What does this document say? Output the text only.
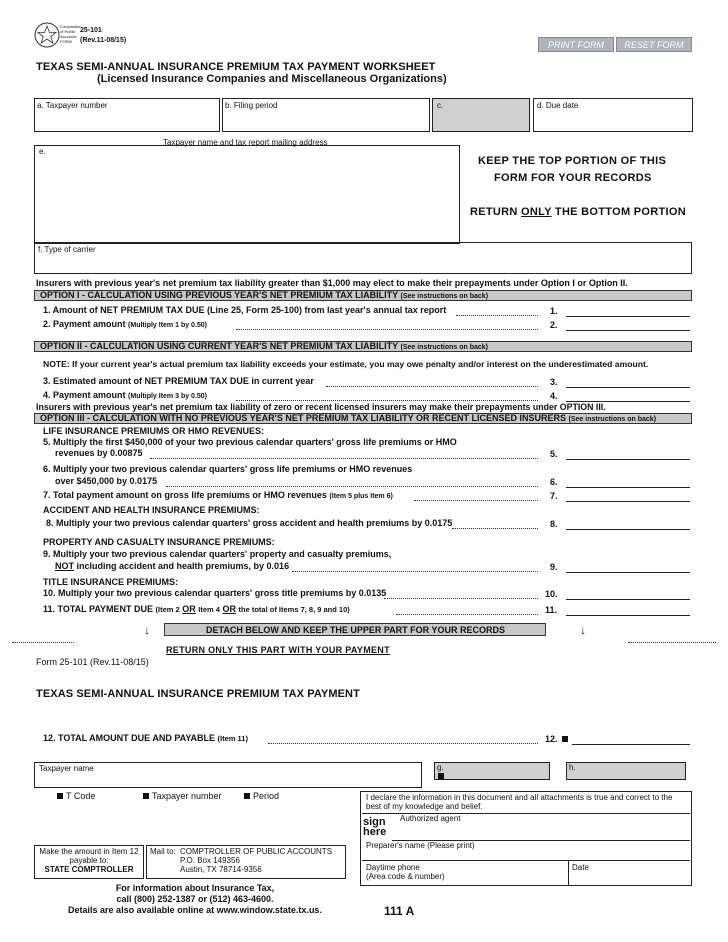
Comptroller of Public Accounts FORM
25-101
(Rev.11-08/15)	PRINT FORM	RESET FORM
TEXAS SEMI-ANNUAL INSURANCE PREMIUM TAX PAYMENT WORKSHEET
(Licensed Insurance Companies and Miscellaneous Organizations)
a. Taxpayer number	b. Filing period	c.	d. Due date
Taxpayer name and tax report mailing address
e.
KEEP THE TOP PORTION OF THIS
FORM FOR YOUR RECORDS
RETURN ONLY THE BOTTOM PORTION
f. Type of carrier
Insurers with previous year's net premium tax liability greater than $1,000 may elect to make their prepayments under Option I or Option II.
OPTION I - CALCULATION USING PREVIOUS YEAR'S NET PREMIUM TAX LIABILITY (See instructions on back)
1. Amount of NET PREMIUM TAX DUE (Line 25, Form 25-100) from last year's annual tax report	1.
2. Payment amount (Multiply Item 1 by 0.50)	2.
OPTION II - CALCULATION USING CURRENT YEAR'S NET PREMIUM TAX LIABILITY (See instructions on back)
NOTE: If your current year's actual premium tax liability exceeds your estimate, you may owe penalty and/or interest on the underestimated amount.
3. Estimated amount of NET PREMIUM TAX DUE in current year	3.
4. Payment amount (Multiply Item 3 by 0.50)	4.
Insurers with previous year's net premium tax liability of zero or recent licensed insurers may make their prepayments under OPTION III.
OPTION III - CALCULATION WITH NO PREVIOUS YEAR'S NET PREMIUM TAX LIABILITY OR RECENT LICENSED INSURERS (See instructions on back)
LIFE INSURANCE PREMIUMS OR HMO REVENUES:
5. Multiply the first $450,000 of your two previous calendar quarters' gross life premiums or HMO
revenues by 0.00875	5.
6. Multiply your two previous calendar quarters' gross life premiums or HMO revenues
over $450,000 by 0.0175	6.
7. Total payment amount on gross life premiums or HMO revenues (Item 5 plus Item 6)	7.
ACCIDENT AND HEALTH INSURANCE PREMIUMS:
8. Multiply your two previous calendar quarters' gross accident and health premiums by 0.0175	8.
PROPERTY AND CASUALTY INSURANCE PREMIUMS:
9. Multiply your two previous calendar quarters' property and casualty premiums,
NOT including accident and health premiums, by 0.016	9.
TITLE INSURANCE PREMIUMS:
10. Multiply your two previous calendar quarters' gross title premiums by 0.0135	10.
11. TOTAL PAYMENT DUE (Item 2 OR Item 4 OR the total of Items 7, 8, 9 and 10)	11.
↓	↓
DETACH BELOW AND KEEP THE UPPER PART FOR YOUR RECORDS
RETURN ONLY THIS PART WITH YOUR PAYMENT
Form 25-101 (Rev.11-08/15)
TEXAS SEMI-ANNUAL INSURANCE PREMIUM TAX PAYMENT
12. TOTAL AMOUNT DUE AND PAYABLE (Item 11)	12.
Taxpayer name	g.	h.
T Code	Taxpayer number	Period	I declare the information in this document and all attachments is true and correct to the best of my knowledge and belief.
sign
here
Authorized agent
Preparer's name (Please print)
Daytime phone
(Area code & number)
Date
Make the amount in Item 12
payable to:
STATE COMPTROLLER
Mail to: COMPTROLLER OF PUBLIC ACCOUNTS
P.O. Box 149356
Austin, TX 78714-9356
For information about Insurance Tax,
call (800) 252-1387 or (512) 463-4600.
Details are also available online at www.window.state.tx.us.	111 A
